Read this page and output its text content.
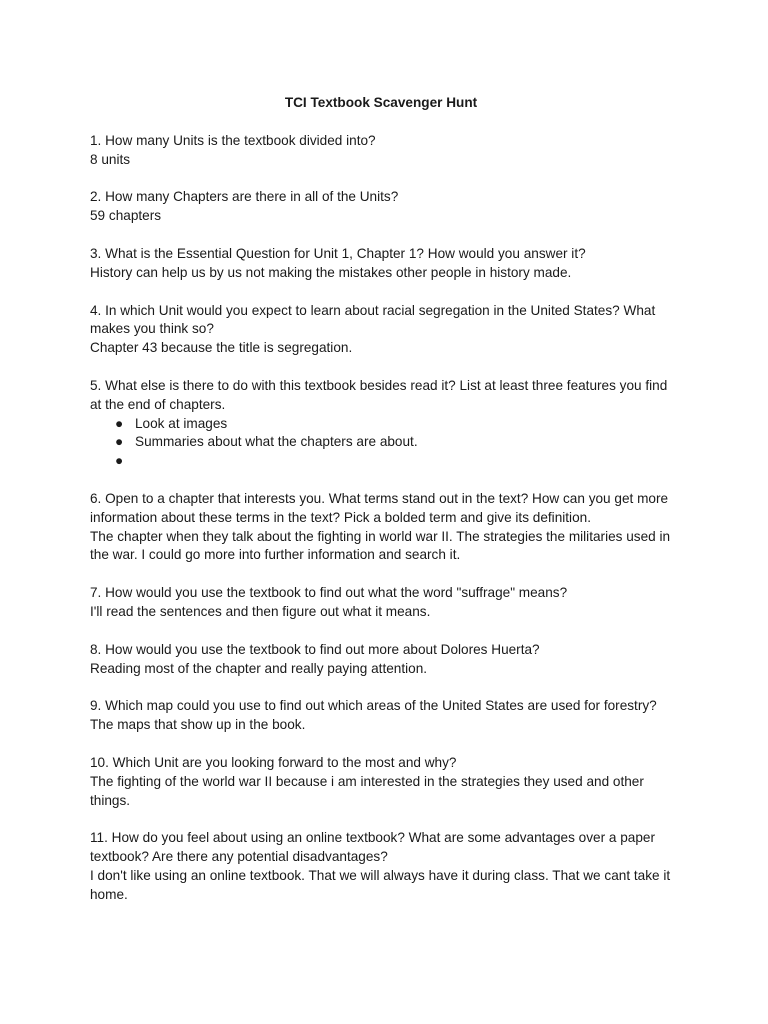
TCI Textbook Scavenger Hunt

1. How many Units is the textbook divided into?

8 units

2. How many Chapters are there in all of the Units?

59 chapters

3. What is the Essential Question for Unit 1, Chapter 1? How would you answer it?

History can help us by us not making the mistakes other people in history made.

4. In which Unit would you expect to learn about racial segregation in the United States? What makes you think so?

Chapter 43 because the title is segregation.

5. What else is there to do with this textbook besides read it? List at least three features you find at the end of chapters.

● Look at images
● Summaries about what the chapters are about.
●

6. Open to a chapter that interests you. What terms stand out in the text? How can you get more information about these terms in the text? Pick a bolded term and give its definition.

The chapter when they talk about the fighting in world war II. The strategies the militaries used in the war. I could go more into further information and search it.

7. How would you use the textbook to find out what the word "suffrage" means?

I'll read the sentences and then figure out what it means.

8. How would you use the textbook to find out more about Dolores Huerta?

Reading most of the chapter and really paying attention.

9. Which map could you use to find out which areas of the United States are used for forestry?

The maps that show up in the book.

10. Which Unit are you looking forward to the most and why?

The fighting of the world war II because i am interested in the strategies they used and other things.

11. How do you feel about using an online textbook? What are some advantages over a paper textbook? Are there any potential disadvantages?

I don't like using an online textbook. That we will always have it during class. That we cant take it home.
